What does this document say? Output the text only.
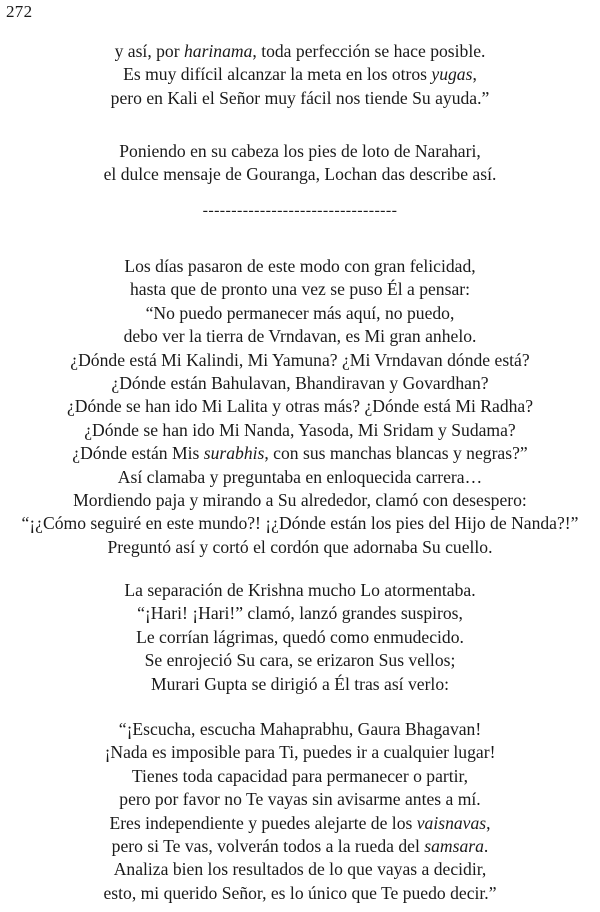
272
y así, por harinama, toda perfección se hace posible.
Es muy difícil alcanzar la meta en los otros yugas,
pero en Kali el Señor muy fácil nos tiende Su ayuda.”
Poniendo en su cabeza los pies de loto de Narahari,
el dulce mensaje de Gouranga, Lochan das describe así.
----------------------------------
Los días pasaron de este modo con gran felicidad,
hasta que de pronto una vez se puso Él a pensar:
“No puedo permanecer más aquí, no puedo,
debo ver la tierra de Vrndavan, es Mi gran anhelo.
¿Dónde está Mi Kalindi, Mi Yamuna? ¿Mi Vrndavan dónde está?
¿Dónde están Bahulavan, Bhandiravan y Govardhan?
¿Dónde se han ido Mi Lalita y otras más? ¿Dónde está Mi Radha?
¿Dónde se han ido Mi Nanda, Yasoda, Mi Sridam y Sudama?
¿Dónde están Mis surabhis, con sus manchas blancas y negras?”
Así clamaba y preguntaba en enloquecida carrera…
Mordiendo paja y mirando a Su alrededor, clamó con desespero:
“¡¿Cómo seguiré en este mundo?! ¡¿Dónde están los pies del Hijo de Nanda?!”
Preguntó así y cortó el cordón que adornaba Su cuello.
La separación de Krishna mucho Lo atormentaba.
“¡Hari! ¡Hari!” clamó, lanzó grandes suspiros,
Le corrían lágrimas, quedó como enmudecido.
Se enrojeció Su cara, se erizaron Sus vellos;
Murari Gupta se dirigió a Él tras así verlo:
“¡Escucha, escucha Mahaprabhu, Gaura Bhagavan!
¡Nada es imposible para Ti, puedes ir a cualquier lugar!
Tienes toda capacidad para permanecer o partir,
pero por favor no Te vayas sin avisarme antes a mí.
Eres independiente y puedes alejarte de los vaisnavas,
pero si Te vas, volverán todos a la rueda del samsara.
Analiza bien los resultados de lo que vayas a decidir,
esto, mi querido Señor, es lo único que Te puedo decir.”
